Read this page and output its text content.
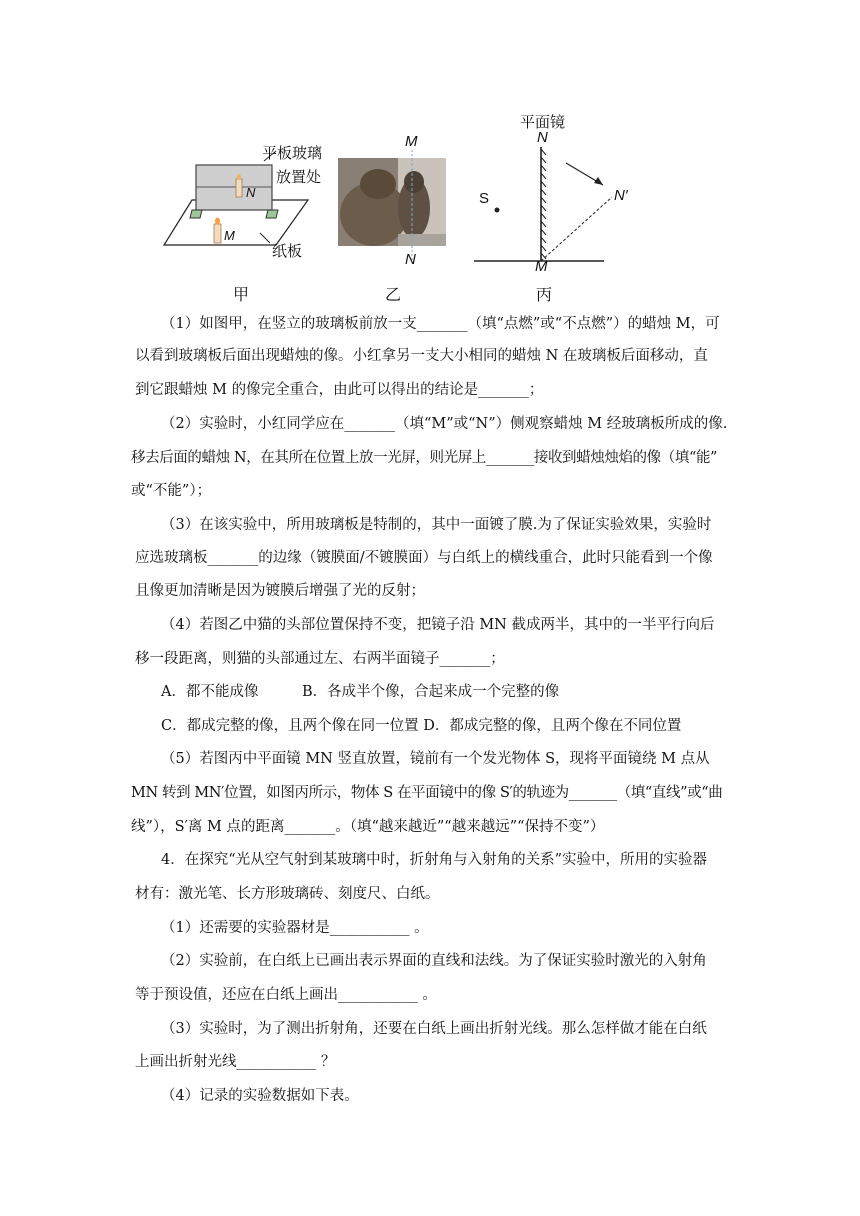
平板玻璃
放置处
N
M
纸板
甲
M
N
乙
平面镜
N
S	N′
M
丙
（1）如图甲，在竖立的玻璃板前放一支_______（填“点燃”或“不点燃”）的蜡烛 M，可
以看到玻璃板后面出现蜡烛的像。小红拿另一支大小相同的蜡烛 N 在玻璃板后面移动，直
到它跟蜡烛 M 的像完全重合，由此可以得出的结论是_______；
（2）实验时，小红同学应在_______（填“M”或“N”）侧观察蜡烛 M 经玻璃板所成的像.
移去后面的蜡烛 N，在其所在位置上放一光屏，则光屏上_______接收到蜡烛烛焰的像（填“能”
或“不能”）；
（3）在该实验中，所用玻璃板是特制的，其中一面镀了膜.为了保证实验效果，实验时
应选玻璃板_______的边缘（镀膜面/不镀膜面）与白纸上的横线重合，此时只能看到一个像
且像更加清晰是因为镀膜后增强了光的反射；
（4）若图乙中猫的头部位置保持不变，把镜子沿 MN 截成两半，其中的一半平行向后
移一段距离，则猫的头部通过左、右两半面镜子_______；
A．都不能成像　　　B．各成半个像，合起来成一个完整的像
C．都成完整的像，且两个像在同一位置 D．都成完整的像，且两个像在不同位置
（5）若图丙中平面镜 MN 竖直放置，镜前有一个发光物体 S，现将平面镜绕 M 点从
MN 转到 MN′位置，如图丙所示，物体 S 在平面镜中的像 S′的轨迹为_______（填“直线”或“曲
线”），S′离 M 点的距离_______。（填“越来越近”“越来越远”“保持不变”）
4．在探究“光从空气射到某玻璃中时，折射角与入射角的关系”实验中，所用的实验器
材有：激光笔、长方形玻璃砖、刻度尺、白纸。
（1）还需要的实验器材是___________ 。
（2）实验前，在白纸上已画出表示界面的直线和法线。为了保证实验时激光的入射角
等于预设值，还应在白纸上画出___________ 。
（3）实验时，为了测出折射角，还要在白纸上画出折射光线。那么怎样做才能在白纸
上画出折射光线___________ ？
（4）记录的实验数据如下表。
